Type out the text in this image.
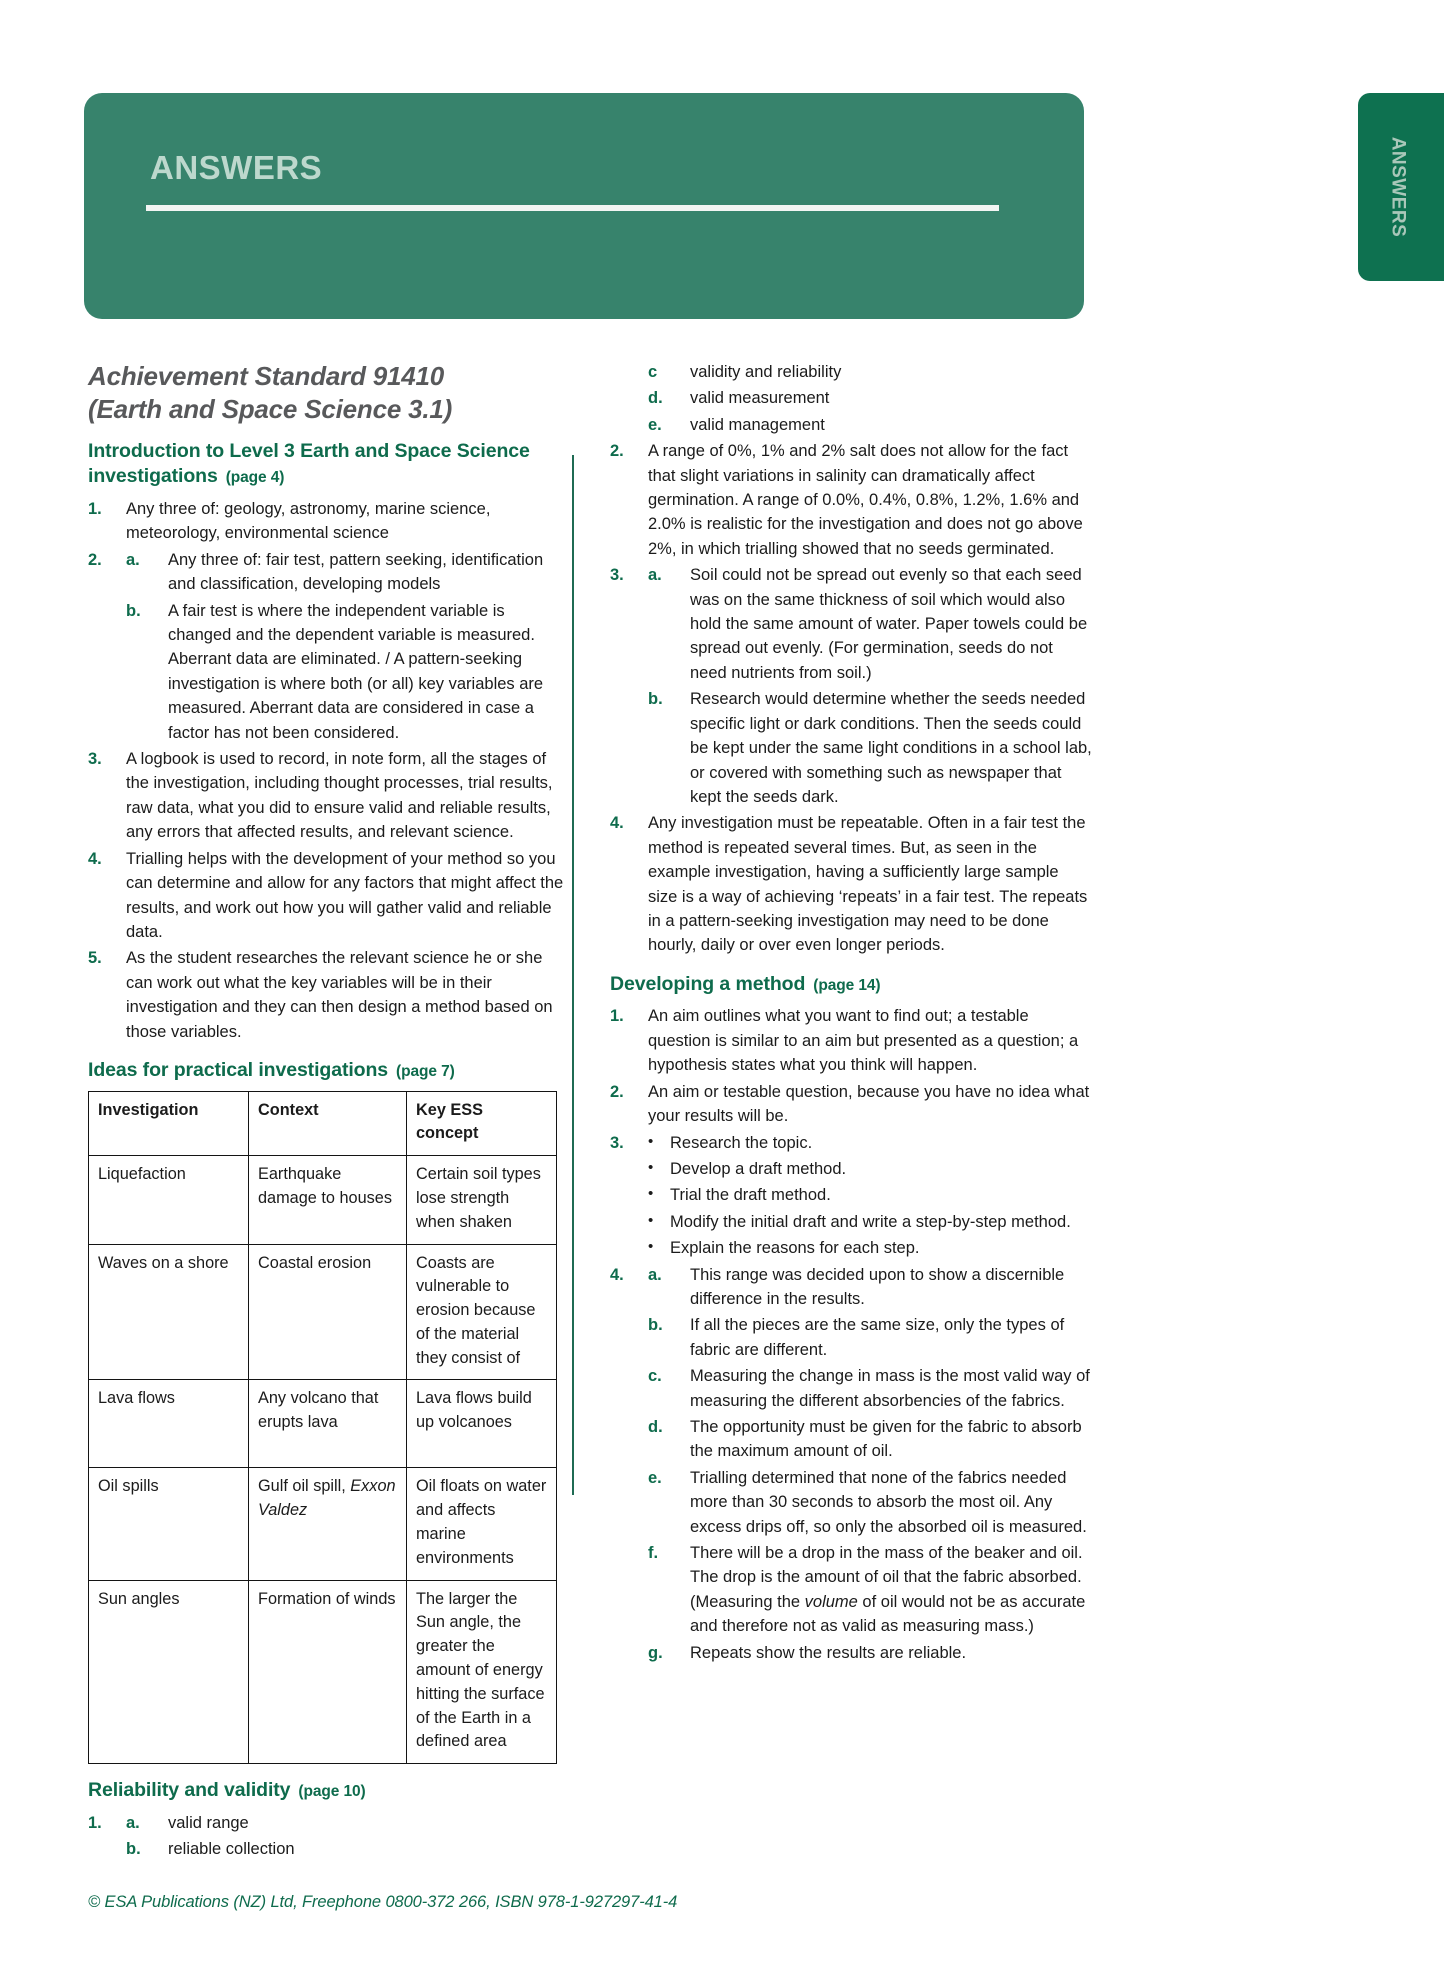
answers	answers
Achievement Standard 91410
(Earth and Space Science 3.1)
Introduction to Level 3 Earth and Space Science
investigations (page 4)
1.	Any three of: geology, astronomy, marine science, meteorology, environmental science
2.	a.	Any three of: fair test, pattern seeking, identification and classification, developing models
b.	A fair test is where the independent variable is changed and the dependent variable is measured. Aberrant data are eliminated. / A pattern-seeking investigation is where both (or all) key variables are measured. Aberrant data are considered in case a factor has not been considered.
3.	A logbook is used to record, in note form, all the stages of the investigation, including thought processes, trial results, raw data, what you did to ensure valid and reliable results, any errors that affected results, and relevant science.
4.	Trialling helps with the development of your method so you can determine and allow for any factors that might affect the results, and work out how you will gather valid and reliable data.
5.	As the student researches the relevant science he or she can work out what the key variables will be in their investigation and they can then design a method based on those variables.
Ideas for practical investigations (page 7)
Investigation	Context	Key ESS concept
Liquefaction	Earthquake damage to houses	Certain soil types lose strength when shaken
Waves on a shore	Coastal erosion	Coasts are vulnerable to erosion because of the material they consist of
Lava flows	Any volcano that erupts lava	Lava flows build up volcanoes
Oil spills	Gulf oil spill, Exxon Valdez	Oil floats on water and affects marine environments
Sun angles	Formation of winds	The larger the Sun angle, the greater the amount of energy hitting the surface of the Earth in a defined area
Reliability and validity (page 10)
1.	a.	valid range
b.	reliable collection
c	validity and reliability
d.	valid measurement
e.	valid management
2.	A range of 0%, 1% and 2% salt does not allow for the fact that slight variations in salinity can dramatically affect germination. A range of 0.0%, 0.4%, 0.8%, 1.2%, 1.6% and 2.0% is realistic for the investigation and does not go above 2%, in which trialling showed that no seeds germinated.
3.	a.	Soil could not be spread out evenly so that each seed was on the same thickness of soil which would also hold the same amount of water. Paper towels could be spread out evenly. (For germination, seeds do not need nutrients from soil.)
b.	Research would determine whether the seeds needed specific light or dark conditions. Then the seeds could be kept under the same light conditions in a school lab, or covered with something such as newspaper that kept the seeds dark.
4.	Any investigation must be repeatable. Often in a fair test the method is repeated several times. But, as seen in the example investigation, having a sufficiently large sample size is a way of achieving ‘repeats’ in a fair test. The repeats in a pattern-seeking investigation may need to be done hourly, daily or over even longer periods.
Developing a method (page 14)
1.	An aim outlines what you want to find out; a testable question is similar to an aim but presented as a question; a hypothesis states what you think will happen.
2.	An aim or testable question, because you have no idea what your results will be.
3.	•	Research the topic.
•	Develop a draft method.
•	Trial the draft method.
•	Modify the initial draft and write a step-by-step method.
•	Explain the reasons for each step.
4.	a.	This range was decided upon to show a discernible difference in the results.
b.	If all the pieces are the same size, only the types of fabric are different.
c.	Measuring the change in mass is the most valid way of measuring the different absorbencies of the fabrics.
d.	The opportunity must be given for the fabric to absorb the maximum amount of oil.
e.	Trialling determined that none of the fabrics needed more than 30 seconds to absorb the most oil. Any excess drips off, so only the absorbed oil is measured.
f.	There will be a drop in the mass of the beaker and oil. The drop is the amount of oil that the fabric absorbed. (Measuring the volume of oil would not be as accurate and therefore not as valid as measuring mass.)
g.	Repeats show the results are reliable.
© ESA Publications (NZ) Ltd, Freephone 0800-372 266, ISBN 978-1-927297-41-4
